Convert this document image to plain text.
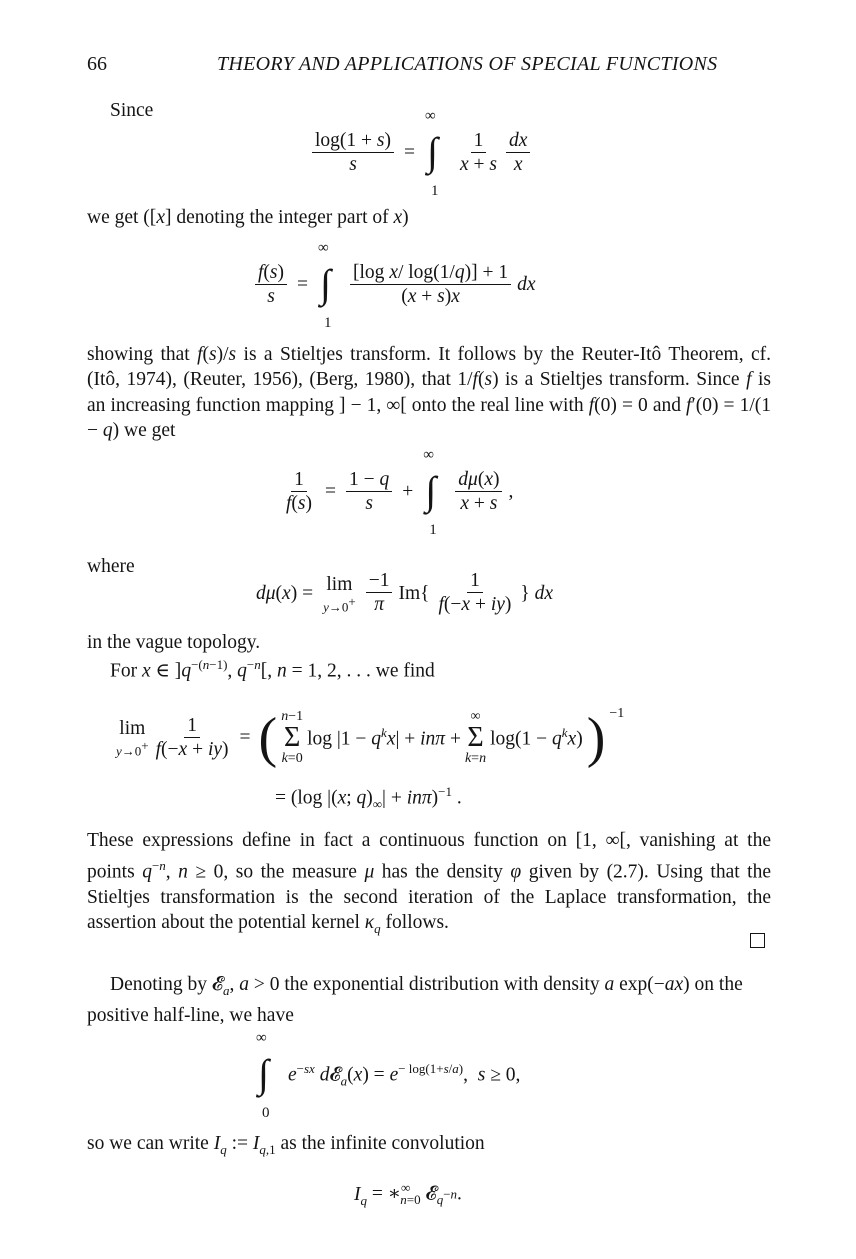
66	THEORY AND APPLICATIONS OF SPECIAL FUNCTIONS
Since
$\frac{\log(1 + s)}{s}$ =
∞
∫
1
$\frac{1}{x + s} \frac{dx}{x}$
we get ([x] denoting the integer part of x)
$\frac{f(s)}{s}$ =
∞
∫
1
$\frac{\text{[log x/ log(1/q)] + 1}}{(x + s)x}$ dx
showing that f(s)/s is a Stieltjes transform. It follows by the Reuter-Itô Theorem, cf. (Itô, 1974), (Reuter, 1956), (Berg, 1980), that 1/f(s) is a Stieltjes transform. Since f is an increasing function mapping ] − 1, ∞[ onto the real line with f(0) = 0 and f′(0) = 1/(1 − q) we get
$\frac{1}{f(s)} = \frac{1 - q}{s}$ +
∞
∫
1
$\frac{d\mu(x)}{x + s}$ ,
where
dμ(x) = lim
$y\to 0^+ \frac{-1}{\pi} Im\{ \frac{1}{f(-x + iy)}$ } dx
in the vague topology.
For x ∈ ]$q^{-(n-1)}$, $q^{-n}$[, n = 1, 2, . . . we find
lim
$y\to 0^+ \frac{1}{f(-x + iy)}$ = ( n−1
Σ
k=0
$\log |1 - q^kx| + in\pi$ +
∞
Σ
k=n
$\log(1 - q^kx)$ ) −1
= (log |(x; $q)_\infty| + in\pi)^{-1}$ .
These expressions define in fact a continuous function on [1, ∞[, vanishing at the points $q^{-n}$, n ≥ 0, so the measure μ has the density φ given by (2.7). Using that the Stieltjes transformation is the second iteration of the Laplace transformation, the assertion about the potential kernel $\kappa_q$ follows.
Denoting by 𝓔$_a$, a > 0 the exponential distribution with density a exp(−ax) on the positive half-line, we have
∞
∫
0
$e^{-sx}$ d𝓔$_a$(x) = $e^{- log(1+s/a)}$,  s ≥ 0,
so we can write $I_q$ := $I_{q,1}$ as the infinite convolution
$I_q$ = $∗^\infty_{n=0}$ 𝓔$_{q^{-n}}$.
